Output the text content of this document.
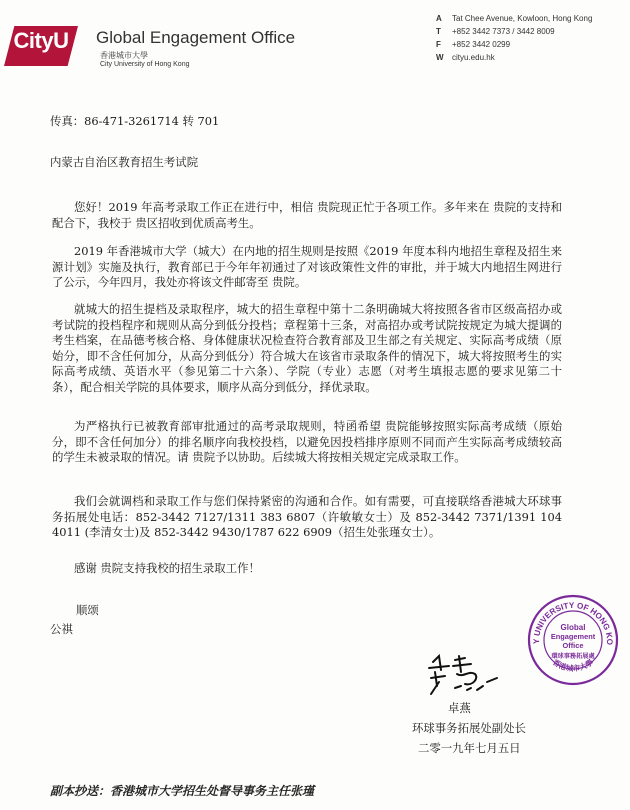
CityU	Global Engagement Office
香港城市大學
City University of Hong Kong
A Tat Chee Avenue, Kowloon, Hong Kong
T +852 3442 7373 / 3442 8009
F +852 3442 0299
W cityu.edu.hk
传真：86-471-3261714 转 701
内蒙古自治区教育招生考试院
您好！2019 年高考录取工作正在进行中，相信 贵院现正忙于各项工作。多年来在 贵院的支持和配合下，我校于 贵区招收到优质高考生。
2019 年香港城市大学（城大）在内地的招生规则是按照《2019 年度本科内地招生章程及招生来源计划》实施及执行，教育部已于今年年初通过了对该政策性文件的审批，并于城大内地招生网进行了公示，今年四月，我处亦将该文件邮寄至 贵院。
就城大的招生提档及录取程序，城大的招生章程中第十二条明确城大将按照各省市区级高招办或考试院的投档程序和规则从高分到低分投档；章程第十三条，对高招办或考试院按规定为城大提调的考生档案，在品德考核合格、身体健康状况检查符合教育部及卫生部之有关规定、实际高考成绩（原始分，即不含任何加分，从高分到低分）符合城大在该省市录取条件的情况下，城大将按照考生的实际高考成绩、英语水平（参见第二十六条）、学院（专业）志愿（对考生填报志愿的要求见第二十条），配合相关学院的具体要求，顺序从高分到低分，择优录取。
为严格执行已被教育部审批通过的高考录取规则，特函希望 贵院能够按照实际高考成绩（原始分，即不含任何加分）的排名顺序向我校投档，以避免因投档排序原则不同而产生实际高考成绩较高的学生未被录取的情况。请 贵院予以协助。后续城大将按相关规定完成录取工作。
我们会就调档和录取工作与您们保持紧密的沟通和合作。如有需要，可直接联络香港城大环球事务拓展处电话：852-3442 7127/1311 383 6807（许敏敏女士）及 852-3442 7371/1391 104 4011 (李清女士)及 852-3442 9430/1787 622 6909（招生处张瑾女士）。
感谢 贵院支持我校的招生录取工作！
顺颂
公祺
卓燕
环球事务拓展处副处长
二零一九年七月五日
Y UNIVERSITY OF HONG KO
香港城市大學
Global
Engagement
Office
環球事務拓展處
副本抄送：香港城市大学招生处督导事务主任张瑾
